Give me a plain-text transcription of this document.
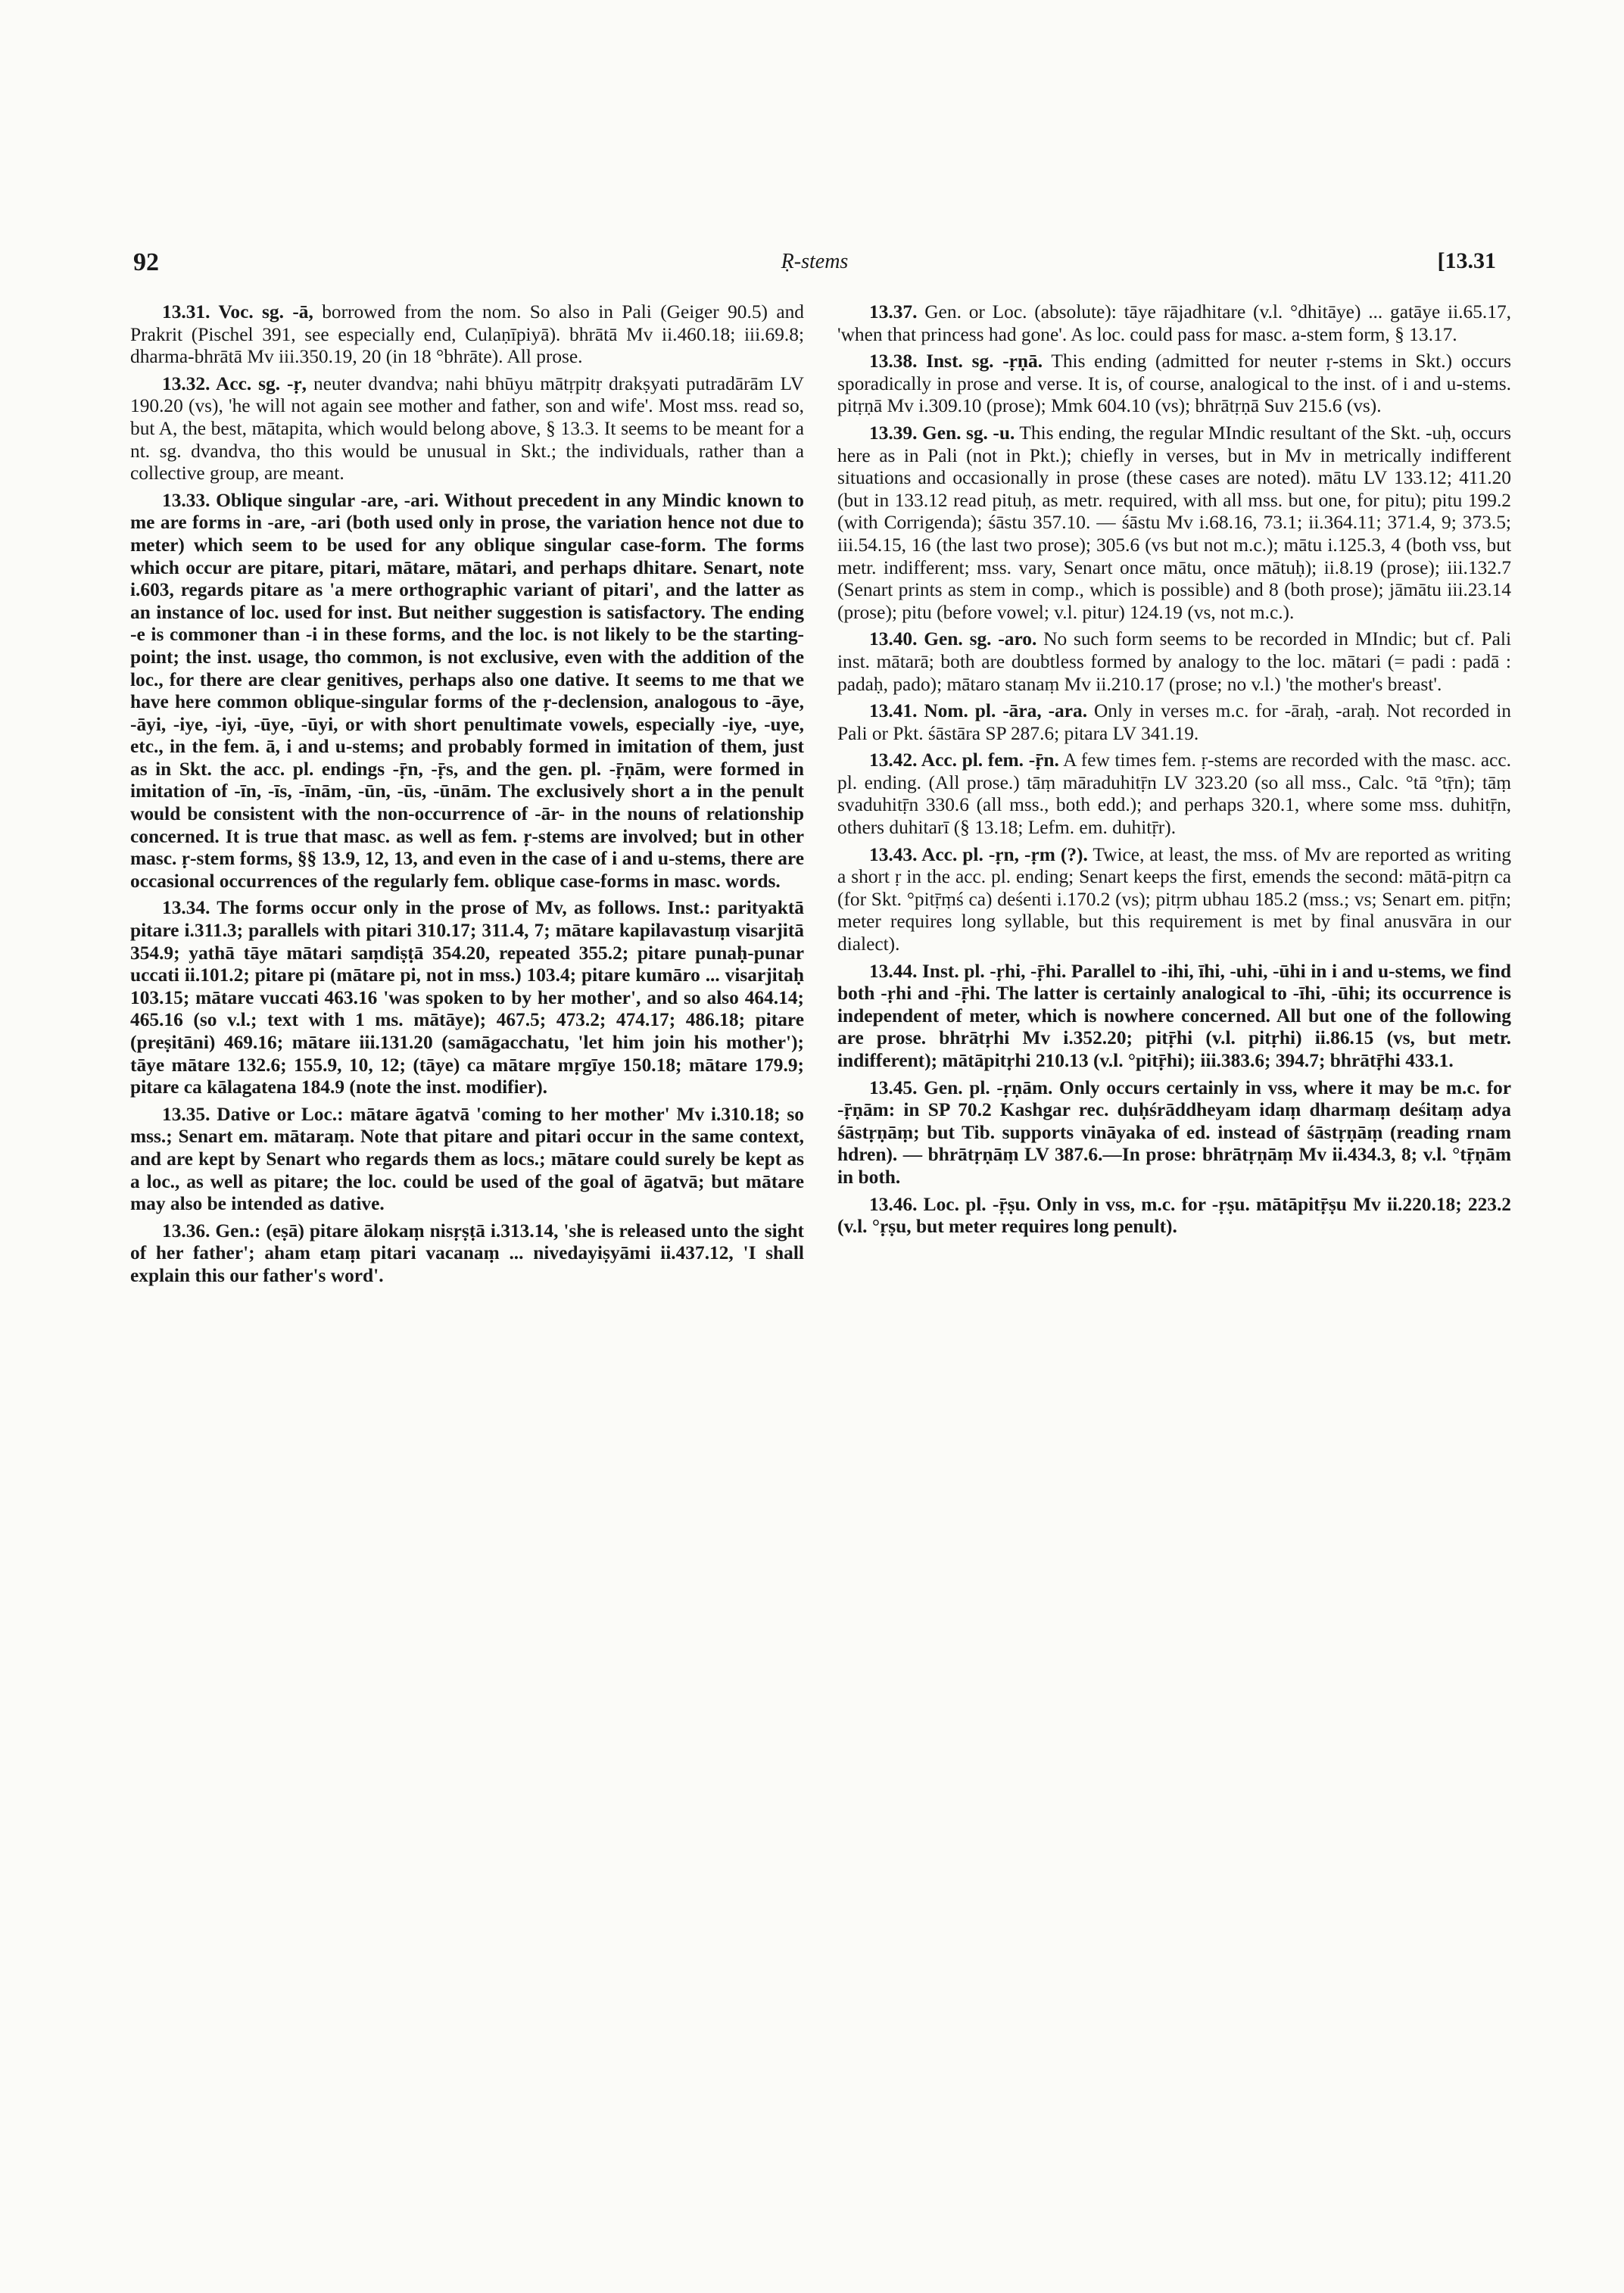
92	Ṛ-stems	[13.31

13.31. Voc. sg. -ā, borrowed from the nom. So also in Pali (Geiger 90.5) and Prakrit (Pischel 391, see especially end, Culaṇīpiyā). bhrātā Mv ii.460.18; iii.69.8; dharma-bhrātā Mv iii.350.19, 20 (in 18 °bhrāte). All prose.

13.32. Acc. sg. -ṛ, neuter dvandva; nahi bhūyu mātṛpitṛ drakṣyati putradārām LV 190.20 (vs), 'he will not again see mother and father, son and wife'. Most mss. read so, but A, the best, mātapita, which would belong above, § 13.3. It seems to be meant for a nt. sg. dvandva, tho this would be unusual in Skt.; the individuals, rather than a collective group, are meant.

13.33. Oblique singular -are, -ari. Without precedent in any Mindic known to me are forms in -are, -ari (both used only in prose, the variation hence not due to meter) which seem to be used for any oblique singular case-form. The forms which occur are pitare, pitari, mātare, mātari, and perhaps dhitare. Senart, note i.603, regards pitare as 'a mere orthographic variant of pitari', and the latter as an instance of loc. used for inst. But neither suggestion is satisfactory. The ending -e is commoner than -i in these forms, and the loc. is not likely to be the starting-point; the inst. usage, tho common, is not exclusive, even with the addition of the loc., for there are clear genitives, perhaps also one dative. It seems to me that we have here common oblique-singular forms of the ṛ-declension, analogous to -āye, -āyi, -iye, -iyi, -ūye, -ūyi, or with short penultimate vowels, especially -iye, -uye, etc., in the fem. ā, i and u-stems; and probably formed in imitation of them, just as in Skt. the acc. pl. endings -ṝn, -ṝs, and the gen. pl. -ṝṇām, were formed in imitation of -īn, -īs, -īnām, -ūn, -ūs, -ūnām. The exclusively short a in the penult would be consistent with the non-occurrence of -ār- in the nouns of relationship concerned. It is true that masc. as well as fem. ṛ-stems are involved; but in other masc. ṛ-stem forms, §§ 13.9, 12, 13, and even in the case of i and u-stems, there are occasional occurrences of the regularly fem. oblique case-forms in masc. words.

13.34. The forms occur only in the prose of Mv, as follows. Inst.: parityaktā pitare i.311.3; parallels with pitari 310.17; 311.4, 7; mātare kapilavastuṃ visarjitā 354.9; yathā tāye mātari saṃdiṣṭā 354.20, repeated 355.2; pitare punaḥ-punar uccati ii.101.2; pitare pi (mātare pi, not in mss.) 103.4; pitare kumāro ... visarjitaḥ 103.15; mātare vuccati 463.16 'was spoken to by her mother', and so also 464.14; 465.16 (so v.l.; text with 1 ms. mātāye); 467.5; 473.2; 474.17; 486.18; pitare (preṣitāni) 469.16; mātare iii.131.20 (samāgacchatu, 'let him join his mother'); tāye mātare 132.6; 155.9, 10, 12; (tāye) ca mātare mṛgīye 150.18; mātare 179.9; pitare ca kālagatena 184.9 (note the inst. modifier).

13.35. Dative or Loc.: mātare āgatvā 'coming to her mother' Mv i.310.18; so mss.; Senart em. mātaraṃ. Note that pitare and pitari occur in the same context, and are kept by Senart who regards them as locs.; mātare could surely be kept as a loc., as well as pitare; the loc. could be used of the goal of āgatvā; but mātare may also be intended as dative.

13.36. Gen.: (eṣā) pitare ālokaṃ nisṛṣṭā i.313.14, 'she is released unto the sight of her father'; aham etaṃ pitari vacanaṃ ... nivedayiṣyāmi ii.437.12, 'I shall explain this our father's word'.

13.37. Gen. or Loc. (absolute): tāye rājadhitare (v.l. °dhitāye) ... gatāye ii.65.17, 'when that princess had gone'. As loc. could pass for masc. a-stem form, § 13.17.

13.38. Inst. sg. -ṛṇā. This ending (admitted for neuter ṛ-stems in Skt.) occurs sporadically in prose and verse. It is, of course, analogical to the inst. of i and u-stems. pitṛṇā Mv i.309.10 (prose); Mmk 604.10 (vs); bhrātṛṇā Suv 215.6 (vs).

13.39. Gen. sg. -u. This ending, the regular MIndic resultant of the Skt. -uḥ, occurs here as in Pali (not in Pkt.); chiefly in verses, but in Mv in metrically indifferent situations and occasionally in prose (these cases are noted). mātu LV 133.12; 411.20 (but in 133.12 read pituḥ, as metr. required, with all mss. but one, for pitu); pitu 199.2 (with Corrigenda); śāstu 357.10. — śāstu Mv i.68.16, 73.1; ii.364.11; 371.4, 9; 373.5; iii.54.15, 16 (the last two prose); 305.6 (vs but not m.c.); mātu i.125.3, 4 (both vss, but metr. indifferent; mss. vary, Senart once mātu, once mātuḥ); ii.8.19 (prose); iii.132.7 (Senart prints as stem in comp., which is possible) and 8 (both prose); jāmātu iii.23.14 (prose); pitu (before vowel; v.l. pitur) 124.19 (vs, not m.c.).

13.40. Gen. sg. -aro. No such form seems to be recorded in MIndic; but cf. Pali inst. mātarā; both are doubtless formed by analogy to the loc. mātari (= padi : padā : padaḥ, pado); mātaro stanaṃ Mv ii.210.17 (prose; no v.l.) 'the mother's breast'.

13.41. Nom. pl. -āra, -ara. Only in verses m.c. for -āraḥ, -araḥ. Not recorded in Pali or Pkt. śāstāra SP 287.6; pitara LV 341.19.

13.42. Acc. pl. fem. -ṝn. A few times fem. ṛ-stems are recorded with the masc. acc. pl. ending. (All prose.) tāṃ māraduhitṝn LV 323.20 (so all mss., Calc. °tā °tṝn); tāṃ svaduhitṝn 330.6 (all mss., both edd.); and perhaps 320.1, where some mss. duhitṝn, others duhitarī (§ 13.18; Lefm. em. duhitṝr).

13.43. Acc. pl. -ṛn, -ṛm (?). Twice, at least, the mss. of Mv are reported as writing a short ṛ in the acc. pl. ending; Senart keeps the first, emends the second: mātā-pitṛn ca (for Skt. °pitṝṃś ca) deśenti i.170.2 (vs); pitṛm ubhau 185.2 (mss.; vs; Senart em. pitṝn; meter requires long syllable, but this requirement is met by final anusvāra in our dialect).

13.44. Inst. pl. -ṛhi, -ṝhi. Parallel to -ihi, īhi, -uhi, -ūhi in i and u-stems, we find both -ṛhi and -ṝhi. The latter is certainly analogical to -īhi, -ūhi; its occurrence is independent of meter, which is nowhere concerned. All but one of the following are prose. bhrātṛhi Mv i.352.20; pitṝhi (v.l. pitṛhi) ii.86.15 (vs, but metr. indifferent); mātāpitṛhi 210.13 (v.l. °pitṝhi); iii.383.6; 394.7; bhrātṝhi 433.1.

13.45. Gen. pl. -ṛṇām. Only occurs certainly in vss, where it may be m.c. for -ṝṇām: in SP 70.2 Kashgar rec. duḥśrāddheyam idaṃ dharmaṃ deśitaṃ adya śāstṛṇāṃ; but Tib. supports vināyaka of ed. instead of śāstṛṇāṃ (reading rnam hdren). — bhrātṛṇāṃ LV 387.6.—In prose: bhrātṛṇāṃ Mv ii.434.3, 8; v.l. °tṝṇām in both.

13.46. Loc. pl. -ṝṣu. Only in vss, m.c. for -ṛṣu. mātāpitṝṣu Mv ii.220.18; 223.2 (v.l. °ṛṣu, but meter requires long penult).
